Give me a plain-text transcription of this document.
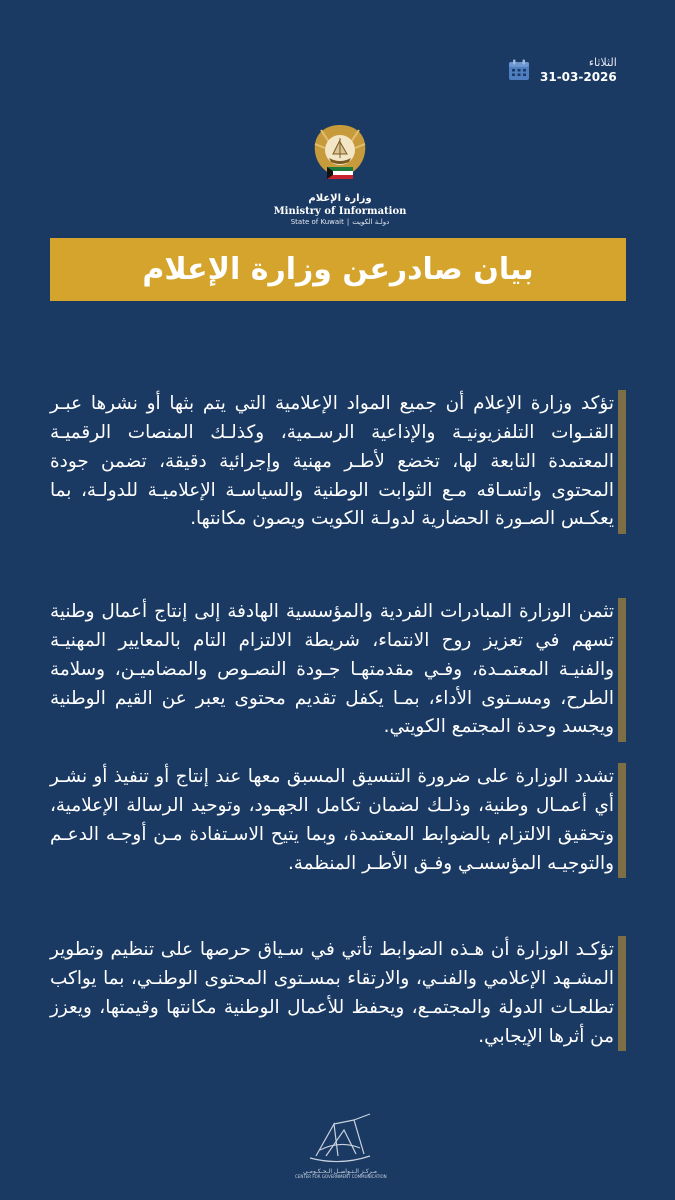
الثلاثاء
31-03-2026
وزارة الإعلام
Ministry of Information
State of Kuwait | دولـة الكويت
بيان صادرعن وزارة الإعلام

تؤكد وزارة الإعلام أن جميع المواد الإعلامية التي يتم بثها أو نشرها عبـر القنـوات التلفزيونيـة والإذاعية الرسـمية، وكذلـك المنصات الرقميـة المعتمدة التابعة لها، تخضع لأطـر مهنية وإجرائية دقيقة، تضمن جودة المحتوى واتسـاقه مـع الثوابت الوطنية والسياسـة الإعلاميـة للدولـة، بما يعكـس الصـورة الحضارية لدولـة الكويت ويصون مكانتها.

تثمن الوزارة المبادرات الفردية والمؤسسية الهادفة إلى إنتاج أعمال وطنية تسهم في تعزيز روح الانتماء، شريطة الالتزام التام بالمعايير المهنيـة والفنيـة المعتمـدة، وفـي مقدمتهـا جـودة النصـوص والمضاميـن، وسلامة الطرح، ومسـتوى الأداء، بمـا يكفل تقديم محتوى يعبر عن القيم الوطنية ويجسد وحدة المجتمع الكويتي.

تشدد الوزارة على ضرورة التنسيق المسبق معها عند إنتاج أو تنفيذ أو نشـر أي أعمـال وطنية، وذلـك لضمان تكامل الجهـود، وتوحيد الرسالة الإعلامية، وتحقيق الالتزام بالضوابط المعتمدة، وبما يتيح الاسـتفادة مـن أوجـه الدعـم والتوجيـه المؤسسـي وفـق الأطـر المنظمة.

تؤكـد الوزارة أن هـذه الضوابط تأتي في سـياق حرصها على تنظيم وتطوير المشـهد الإعلامي والفنـي، والارتقاء بمسـتوى المحتوى الوطنـي، بما يواكب تطلعـات الدولة والمجتمـع، ويحفظ للأعمال الوطنية مكانتها وقيمتها، ويعزز من أثرها الإيجابي.

مـركـز الـتـواصـل الـحـكـومـي
CENTER FOR GOVERNMENT COMMUNICATION
